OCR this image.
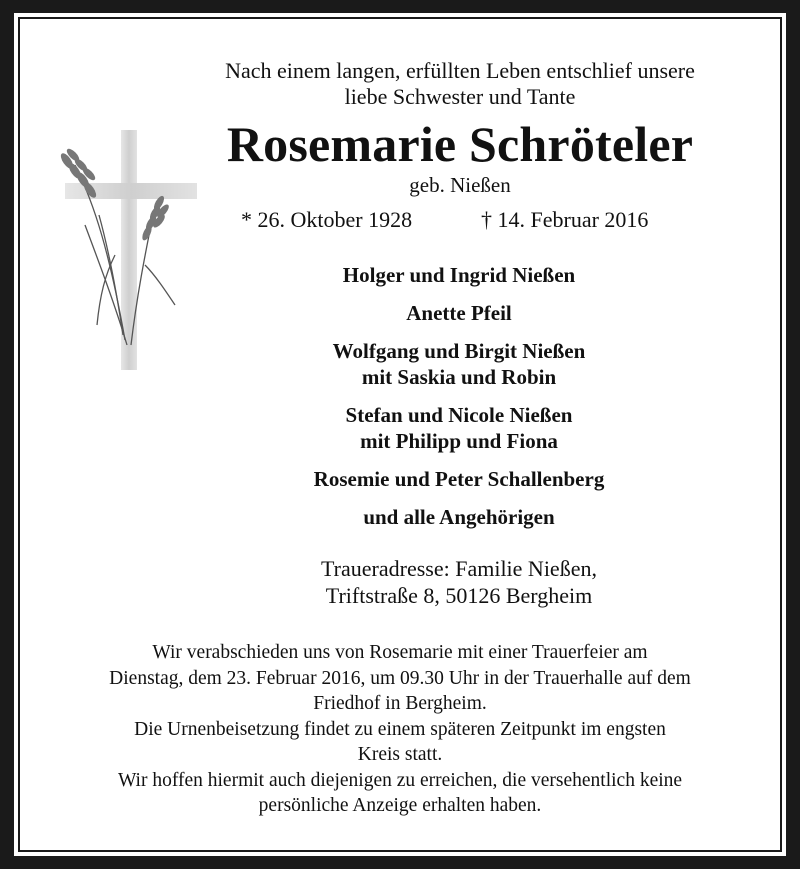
Nach einem langen, erfüllten Leben entschlief unsere
liebe Schwester und Tante
Rosemarie Schröteler
geb. Nießen
* 26. Oktober 1928	† 14. Februar 2016
Holger und Ingrid Nießen
Anette Pfeil
Wolfgang und Birgit Nießen
mit Saskia und Robin
Stefan und Nicole Nießen
mit Philipp und Fiona
Rosemie und Peter Schallenberg
und alle Angehörigen
Traueradresse: Familie Nießen,
Triftstraße 8, 50126 Bergheim

Wir verabschieden uns von Rosemarie mit einer Trauerfeier am

Dienstag, dem 23. Februar 2016, um 09.30 Uhr in der Trauerhalle auf dem

Friedhof in Bergheim.

Die Urnenbeisetzung findet zu einem späteren Zeitpunkt im engsten

Kreis statt.

Wir hoffen hiermit auch diejenigen zu erreichen, die versehentlich keine

persönliche Anzeige erhalten haben.
